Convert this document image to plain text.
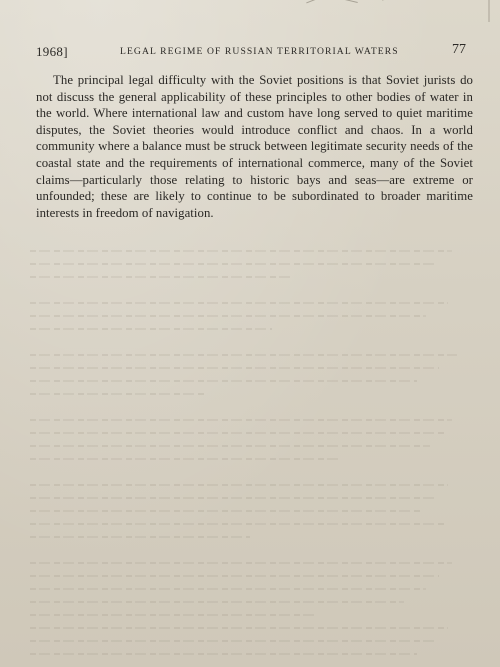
1968]	LEGAL REGIME OF RUSSIAN TERRITORIAL WATERS	77

The principal legal difficulty with the Soviet positions is that Soviet jurists do not discuss the general applicability of these principles to other bodies of water in the world. Where international law and custom have long served to quiet maritime disputes, the Soviet theories would introduce conflict and chaos. In a world community where a balance must be struck between legitimate security needs of the coastal state and the requirements of international commerce, many of the Soviet claims—particularly those relating to historic bays and seas—are extreme or unfounded; these are likely to continue to be subordinated to broader maritime interests in freedom of navigation.
